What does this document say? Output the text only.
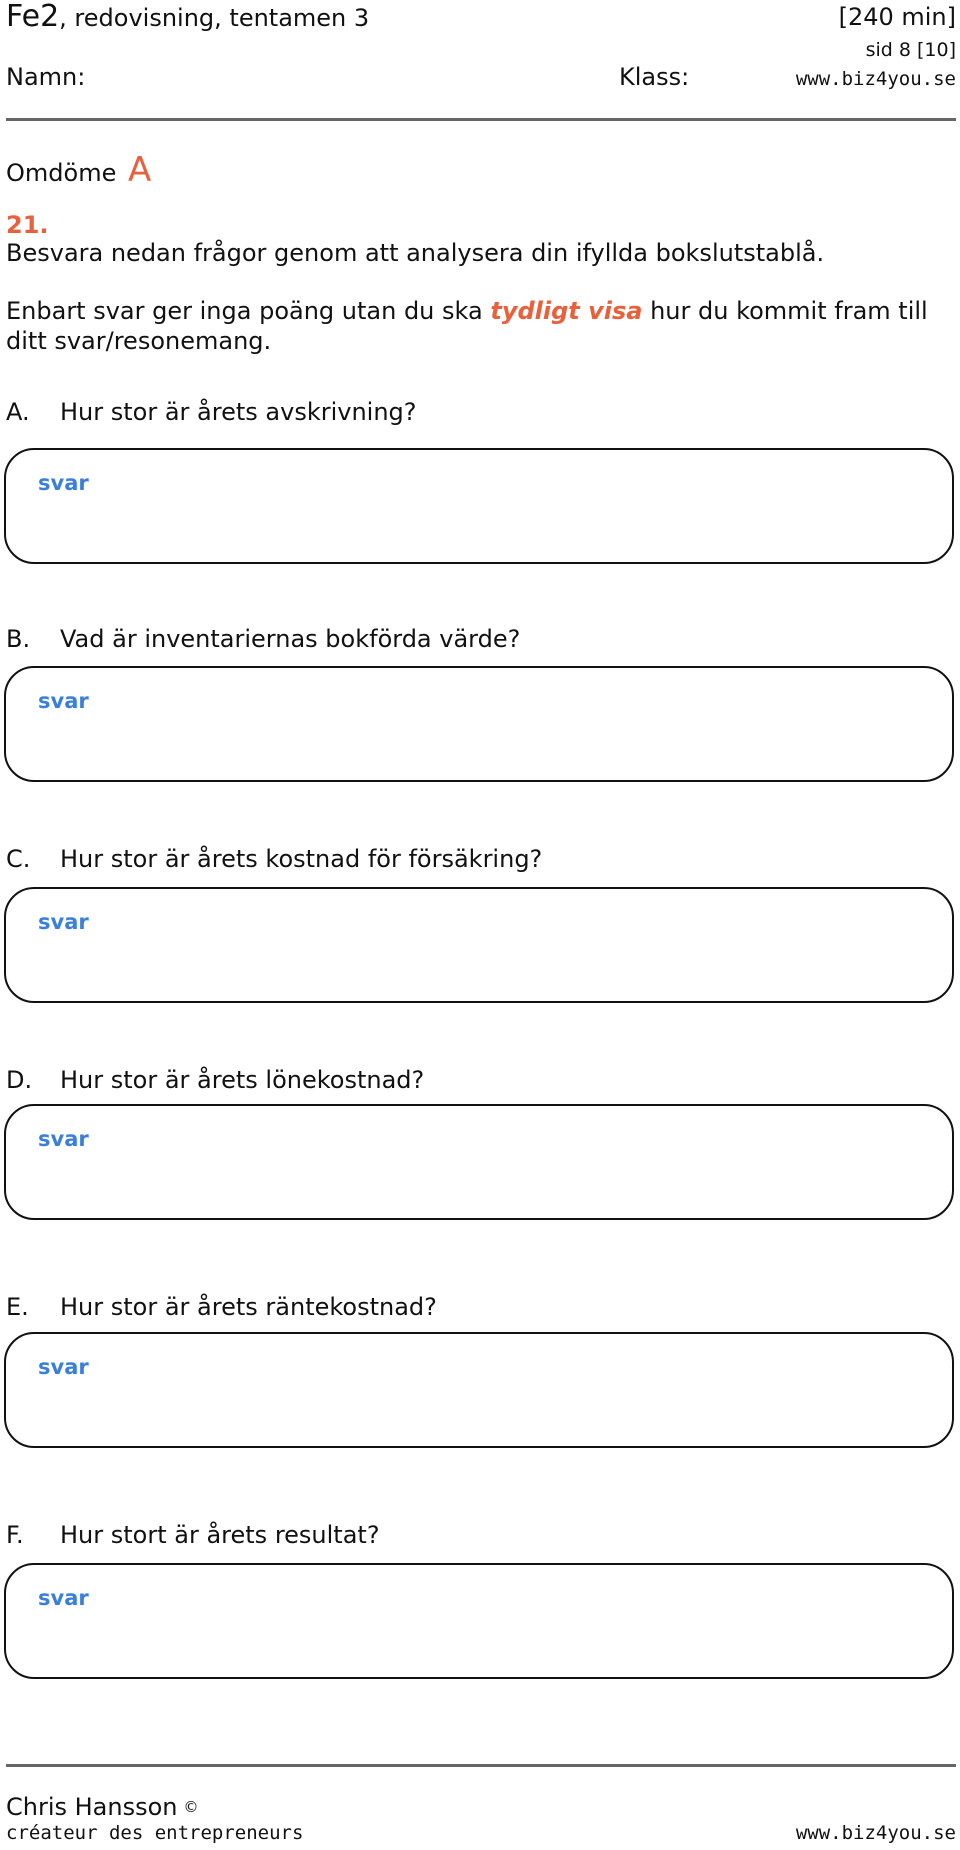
Fe2, redovisning, tentamen 3	[240 min]
sid 8 [10]
Namn:	Klass:	www.biz4you.se
Omdöme A
21.
Besvara nedan frågor genom att analysera din ifyllda bokslutstablå.
Enbart svar ger inga poäng utan du ska tydligt visa hur du kommit fram till ditt svar/resonemang.
A. Hur stor är årets avskrivning?
svar
B. Vad är inventariernas bokförda värde?
svar
C. Hur stor är årets kostnad för försäkring?
svar
D. Hur stor är årets lönekostnad?
svar
E. Hur stor är årets räntekostnad?
svar
F. Hur stort är årets resultat?
svar
Chris Hansson ©
créateur des entrepreneurs	www.biz4you.se
